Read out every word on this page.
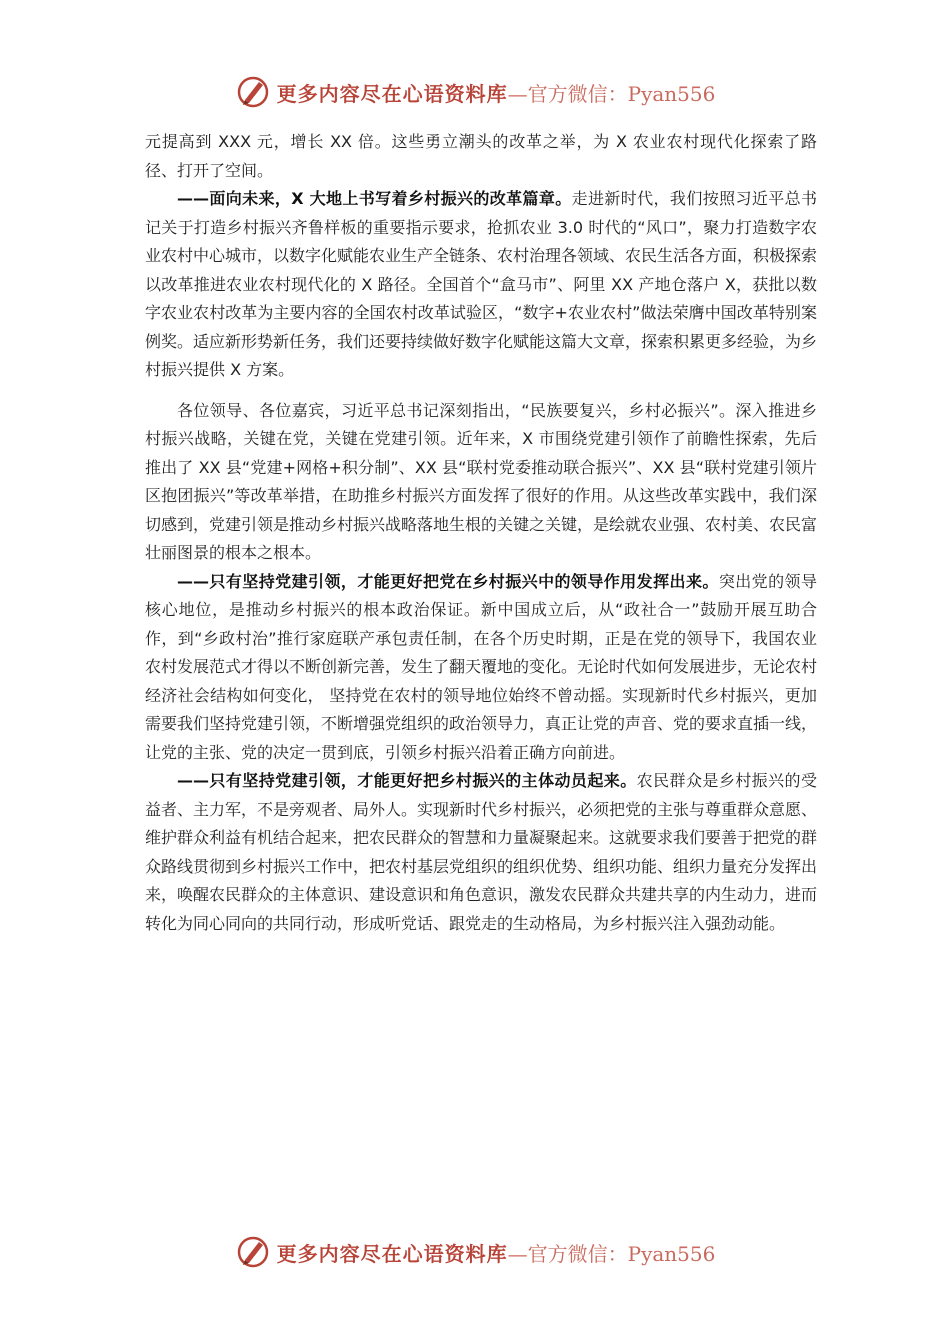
更多内容尽在心语资料库—官方微信：Pyan556

元提高到 XXX 元，增长 XX 倍。这些勇立潮头的改革之举，为 X 农业农村现代化探索了路径、打开了空间。

——面向未来，X 大地上书写着乡村振兴的改革篇章。走进新时代，我们按照习近平总书记关于打造乡村振兴齐鲁样板的重要指示要求，抢抓农业 3.0 时代的“风口”，聚力打造数字农业农村中心城市，以数字化赋能农业生产全链条、农村治理各领域、农民生活各方面，积极探索以改革推进农业农村现代化的 X 路径。全国首个“盒马市”、阿里 XX 产地仓落户 X，获批以数字农业农村改革为主要内容的全国农村改革试验区，“数字+农业农村”做法荣膺中国改革特别案例奖。适应新形势新任务，我们还要持续做好数字化赋能这篇大文章，探索积累更多经验，为乡村振兴提供 X 方案。

各位领导、各位嘉宾，习近平总书记深刻指出，“民族要复兴，乡村必振兴”。深入推进乡村振兴战略，关键在党，关键在党建引领。近年来，X 市围绕党建引领作了前瞻性探索，先后推出了 XX 县“党建+网格+积分制”、XX 县“联村党委推动联合振兴”、XX 县“联村党建引领片区抱团振兴”等改革举措，在助推乡村振兴方面发挥了很好的作用。从这些改革实践中，我们深切感到，党建引领是推动乡村振兴战略落地生根的关键之关键，是绘就农业强、农村美、农民富壮丽图景的根本之根本。

——只有坚持党建引领，才能更好把党在乡村振兴中的领导作用发挥出来。突出党的领导核心地位，是推动乡村振兴的根本政治保证。新中国成立后，从“政社合一”鼓励开展互助合作，到“乡政村治”推行家庭联产承包责任制，在各个历史时期，正是在党的领导下，我国农业农村发展范式才得以不断创新完善，发生了翻天覆地的变化。无论时代如何发展进步，无论农村经济社会结构如何变化， 坚持党在农村的领导地位始终不曾动摇。实现新时代乡村振兴，更加需要我们坚持党建引领，不断增强党组织的政治领导力，真正让党的声音、党的要求直插一线，让党的主张、党的决定一贯到底，引领乡村振兴沿着正确方向前进。

——只有坚持党建引领，才能更好把乡村振兴的主体动员起来。农民群众是乡村振兴的受益者、主力军，不是旁观者、局外人。实现新时代乡村振兴，必须把党的主张与尊重群众意愿、维护群众利益有机结合起来，把农民群众的智慧和力量凝聚起来。这就要求我们要善于把党的群众路线贯彻到乡村振兴工作中，把农村基层党组织的组织优势、组织功能、组织力量充分发挥出来，唤醒农民群众的主体意识、建设意识和角色意识，激发农民群众共建共享的内生动力，进而转化为同心同向的共同行动，形成听党话、跟党走的生动格局，为乡村振兴注入强劲动能。

更多内容尽在心语资料库—官方微信：Pyan556
